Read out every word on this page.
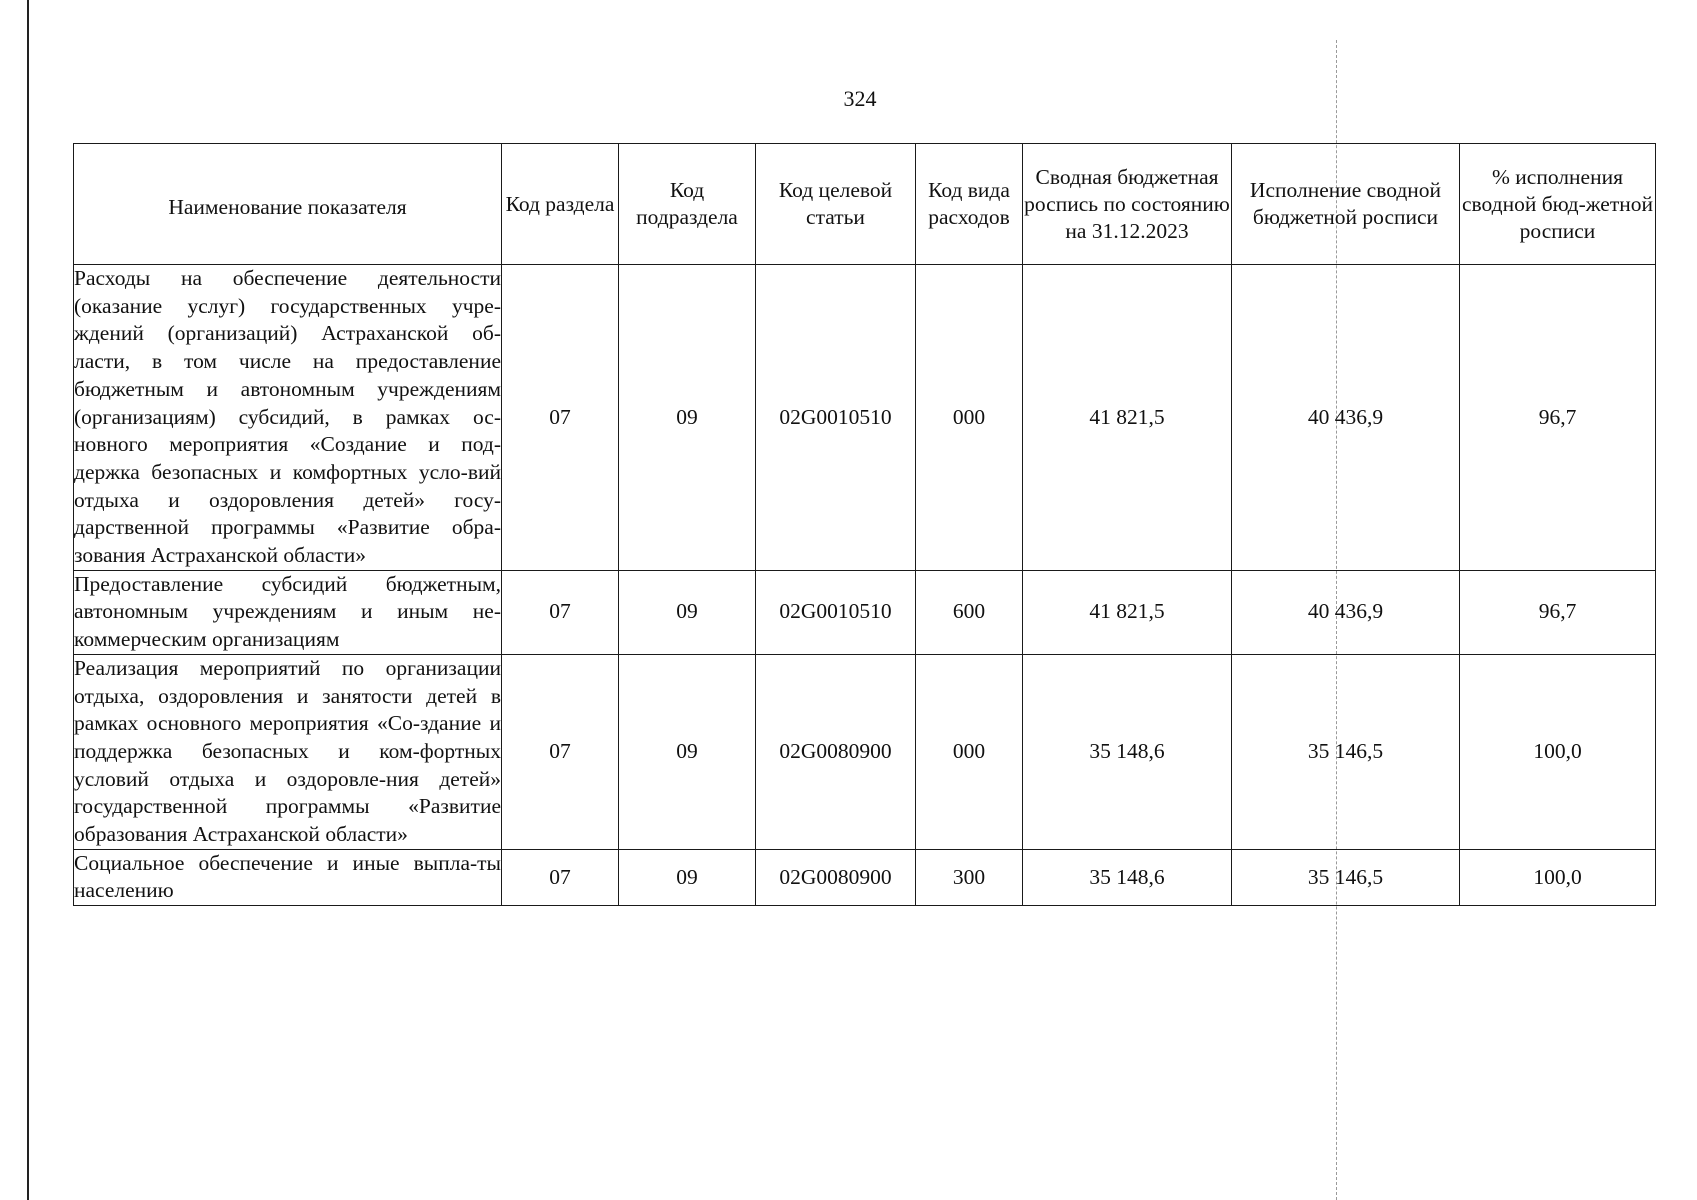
324
Наименование показателя	Код раздела	Код подраздела	Код целевой статьи	Код вида расходов	Сводная бюджетная роспись по состоянию на 31.12.2023	Исполнение сводной бюджетной росписи	% исполнения сводной бюд-жетной росписи
Расходы на обеспечение деятельности (оказание услуг) государственных учре-ждений (организаций) Астраханской об-ласти, в том числе на предоставление бюджетным и автономным учреждениям (организациям) субсидий, в рамках ос-новного мероприятия «Создание и под-держка безопасных и комфортных усло-вий отдыха и оздоровления детей» госу-дарственной программы «Развитие обра-зования Астраханской области»	07	09	02G0010510	000	41 821,5	40 436,9	96,7
Предоставление субсидий бюджетным, автономным учреждениям и иным не-коммерческим организациям	07	09	02G0010510	600	41 821,5	40 436,9	96,7
Реализация мероприятий по организации отдыха, оздоровления и занятости детей в рамках основного мероприятия «Со-здание и поддержка безопасных и ком-фортных условий отдыха и оздоровле-ния детей» государственной программы «Развитие образования Астраханской области»	07	09	02G0080900	000	35 148,6	35 146,5	100,0
Социальное обеспечение и иные выпла-ты населению	07	09	02G0080900	300	35 148,6	35 146,5	100,0
